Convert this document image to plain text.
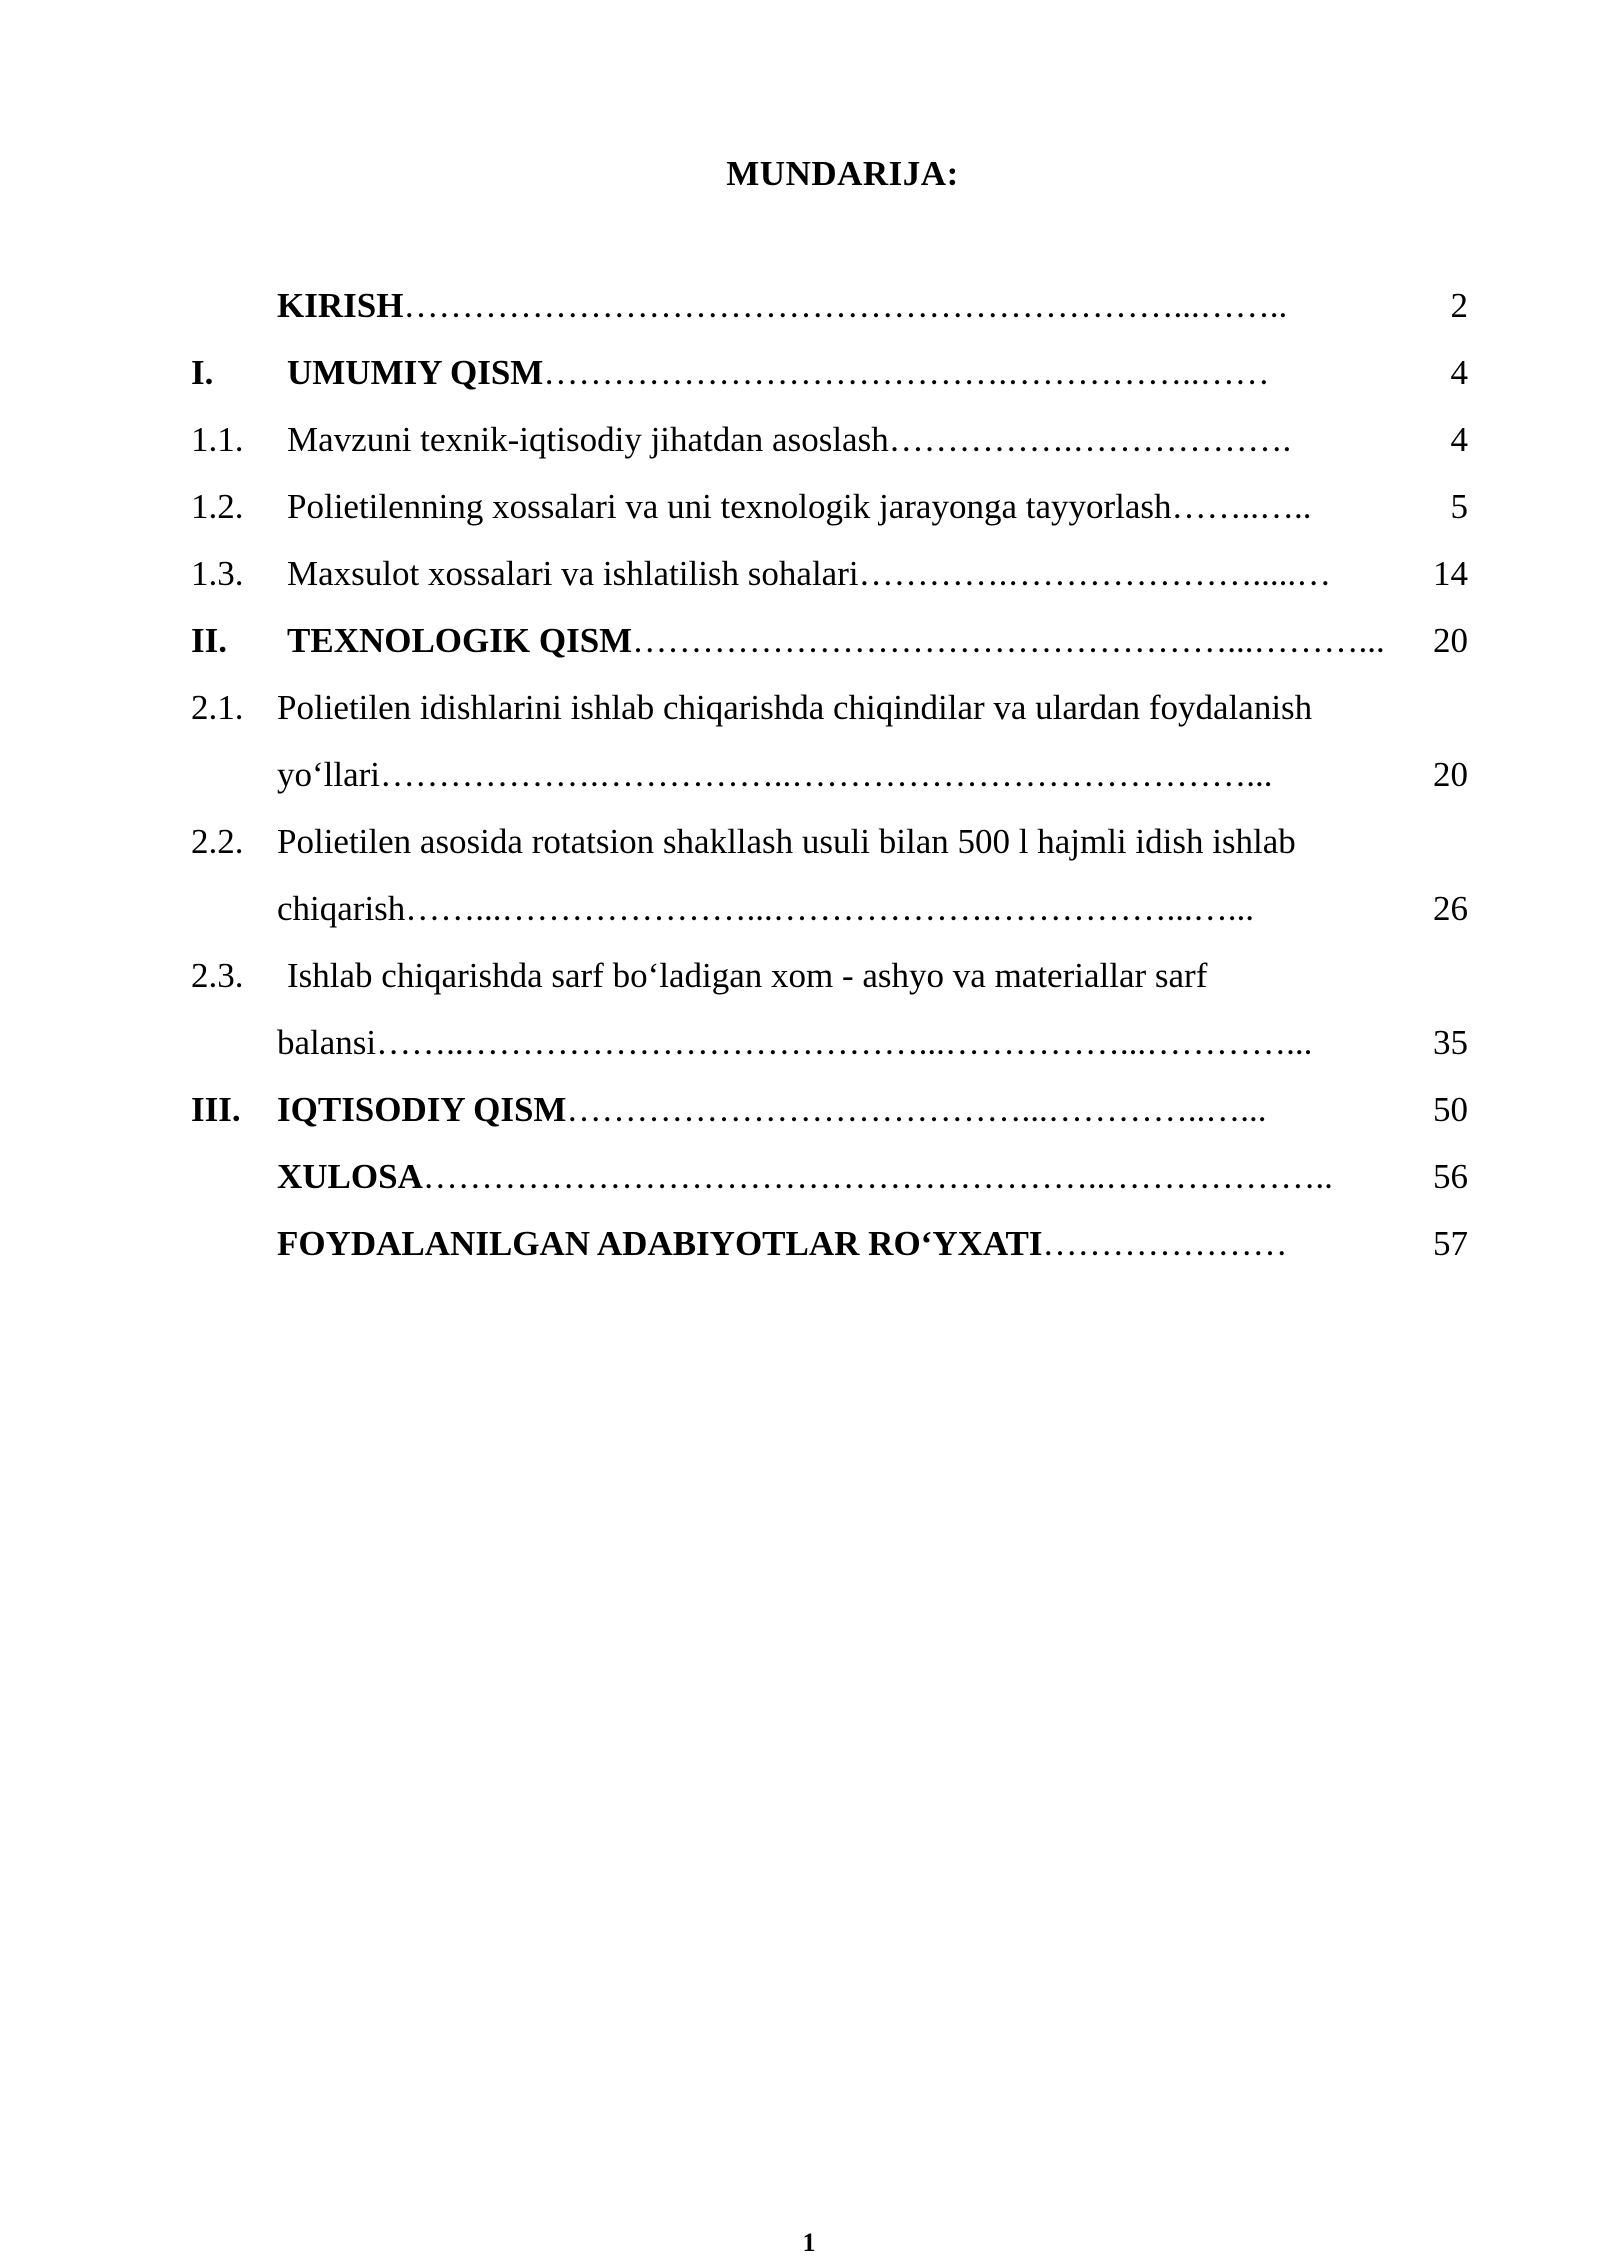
MUNDARIJA:
KIRISH…………………………………………………………...……..	2
I. UMUMIY QISM………………………………….……………..……	4
1.1. Mavzuni texnik-iqtisodiy jihatdan asoslash…………….……………….	4
1.2. Polietilenning xossalari va uni texnologik jarayonga tayyorlash……..…..	5
1.3. Maxsulot xossalari va ishlatilish sohalari………….………………….....…	14
II. TEXNOLOGIK QISM……………………………………………...………... 20
2.1. Polietilen idishlarini ishlab chiqarishda chiqindilar va ulardan foydalanish
yo‘llari……………….……………..…………………………………...	20
2.2. Polietilen asosida rotatsion shakllash usuli bilan 500 l hajmli idish ishlab
chiqarish……...…………………...……………….……………...…...	26
2.3. Ishlab chiqarishda sarf bo‘ladigan xom - ashyo va materiallar sarf
balansi……..…………………………………...……………...…………...	35
III. IQTISODIY QISM…………………………………...…………..…...	50
XULOSA…………………………………………………..………………..	56
FOYDALANILGAN ADABIYOTLAR RO‘YXATI…………………	57
1
